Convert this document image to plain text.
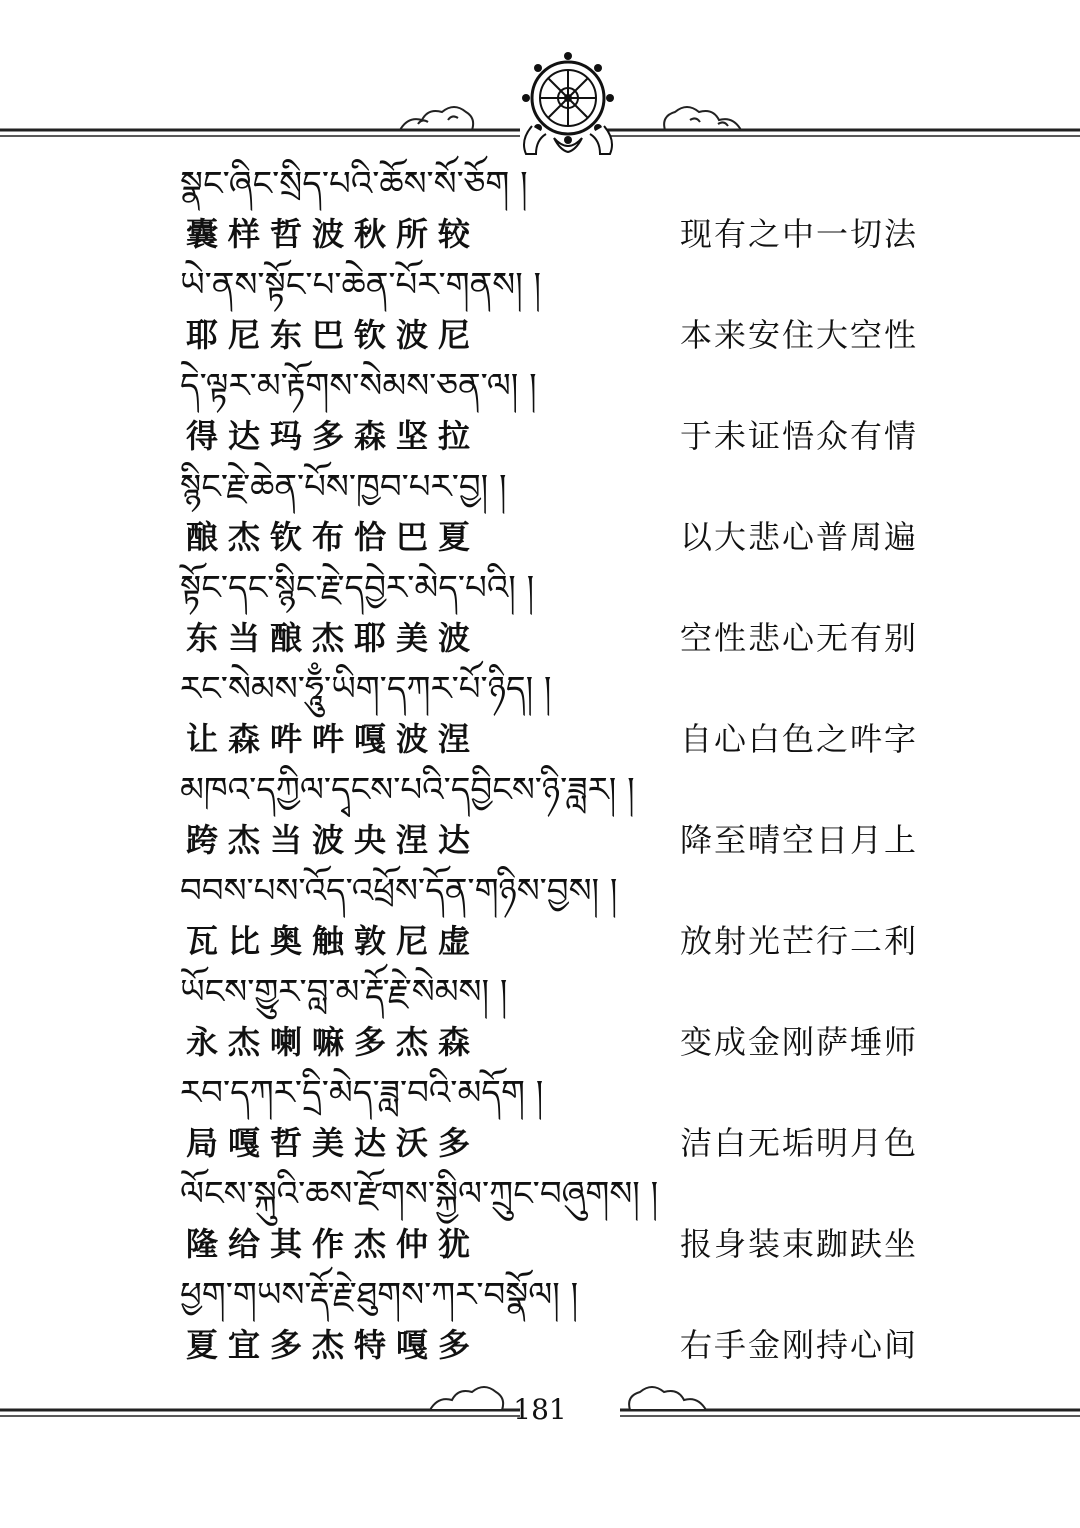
སྣང་ཞིང་སྲིད་པའི་ཆོས་སོ་ཅོག །
囊样哲波秋所较	现有之中一切法
ཡེ་ནས་སྟོང་པ་ཆེན་པོར་གནས། །
耶尼东巴钦波尼	本来安住大空性
དེ་ལྟར་མ་རྟོགས་སེམས་ཅན་ལ། །
得达玛多森坚拉	于未证悟众有情
སྙིང་རྗེ་ཆེན་པོས་ཁྱབ་པར་བྱ། །
酿杰钦布恰巴夏	以大悲心普周遍
སྟོང་དང་སྙིང་རྗེ་དབྱེར་མེད་པའི། །
东当酿杰耶美波	空性悲心无有别
རང་སེམས་ཧཱུྃ་ཡིག་དཀར་པོ་ཉིད། །
让森吽吽嘎波涅	自心白色之吽字
མཁའ་དཀྱིལ་དྭངས་པའི་དབྱིངས་ཉི་ཟླར། །
跨杰当波央涅达	降至晴空日月上
བབས་པས་འོད་འཕྲོས་དོན་གཉིས་བྱས། །
瓦比奥触敦尼虚	放射光芒行二利
ཡོངས་གྱུར་བླ་མ་རྡོ་རྗེ་སེམས། །
永杰喇嘛多杰森	变成金刚萨埵师
རབ་དཀར་དྲི་མེད་ཟླ་བའི་མདོག །
局嘎哲美达沃多	洁白无垢明月色
ལོངས་སྐུའི་ཆས་རྫོགས་སྐྱིལ་ཀྲུང་བཞུགས། །
隆给其作杰仲犹	报身装束跏趺坐
ཕྱག་གཡས་རྡོ་རྗེ་ཐུགས་ཀར་བསྣོལ། །
夏宜多杰特嘎多	右手金刚持心间
181
